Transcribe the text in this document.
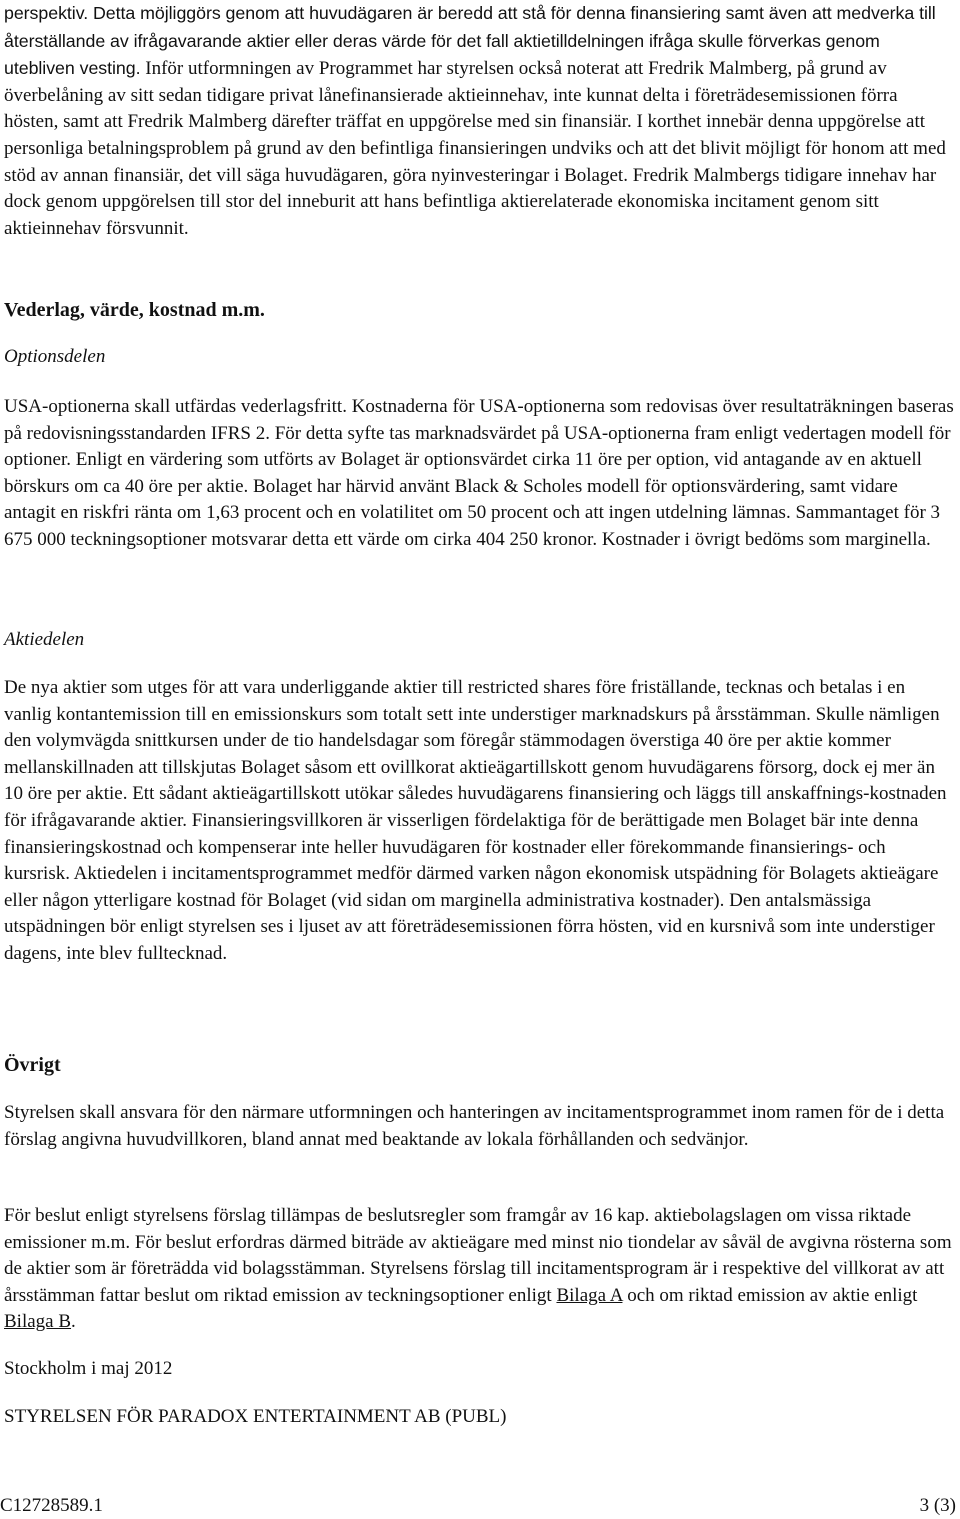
perspektiv. Detta möjliggörs genom att huvudägaren är beredd att stå för denna finansiering samt även att medverka till återställande av ifrågavarande aktier eller deras värde för det fall aktietilldelningen ifråga skulle förverkas genom utebliven vesting. Inför utformningen av Programmet har styrelsen också noterat att Fredrik Malmberg, på grund av överbelåning av sitt sedan tidigare privat lånefinansierade aktieinnehav, inte kunnat delta i företrädesemissionen förra hösten, samt att Fredrik Malmberg därefter träffat en uppgörelse med sin finansiär. I korthet innebär denna uppgörelse att personliga betalningsproblem på grund av den befintliga finansieringen undviks och att det blivit möjligt för honom att med stöd av annan finansiär, det vill säga huvudägaren, göra nyinvesteringar i Bolaget. Fredrik Malmbergs tidigare innehav har dock genom uppgörelsen till stor del inneburit att hans befintliga aktierelaterade ekonomiska incitament genom sitt aktieinnehav försvunnit.

Vederlag, värde, kostnad m.m.

Optionsdelen

USA-optionerna skall utfärdas vederlagsfritt. Kostnaderna för USA-optionerna som redovisas över resultaträkningen baseras på redovisningsstandarden IFRS 2. För detta syfte tas marknadsvärdet på USA-optionerna fram enligt vedertagen modell för optioner. Enligt en värdering som utförts av Bolaget är optionsvärdet cirka 11 öre per option, vid antagande av en aktuell börskurs om ca 40 öre per aktie. Bolaget har härvid använt Black & Scholes modell för optionsvärdering, samt vidare antagit en riskfri ränta om 1,63 procent och en volatilitet om 50 procent och att ingen utdelning lämnas. Sammantaget för 3 675 000 teckningsoptioner motsvarar detta ett värde om cirka 404 250 kronor. Kostnader i övrigt bedöms som marginella.

Aktiedelen

De nya aktier som utges för att vara underliggande aktier till restricted shares före friställande, tecknas och betalas i en vanlig kontantemission till en emissionskurs som totalt sett inte understiger marknadskurs på årsstämman. Skulle nämligen den volymvägda snittkursen under de tio handelsdagar som föregår stämmodagen överstiga 40 öre per aktie kommer mellanskillnaden att tillskjutas Bolaget såsom ett ovillkorat aktieägartillskott genom huvudägarens försorg, dock ej mer än 10 öre per aktie. Ett sådant aktieägartillskott utökar således huvudägarens finansiering och läggs till anskaffnings-kostnaden för ifrågavarande aktier. Finansieringsvillkoren är visserligen fördelaktiga för de berättigade men Bolaget bär inte denna finansieringskostnad och kompenserar inte heller huvudägaren för kostnader eller förekommande finansierings- och kursrisk. Aktiedelen i incitamentsprogrammet medför därmed varken någon ekonomisk utspädning för Bolagets aktieägare eller någon ytterligare kostnad för Bolaget (vid sidan om marginella administrativa kostnader). Den antalsmässiga utspädningen bör enligt styrelsen ses i ljuset av att företrädesemissionen förra hösten, vid en kursnivå som inte understiger dagens, inte blev fulltecknad.

Övrigt

Styrelsen skall ansvara för den närmare utformningen och hanteringen av incitamentsprogrammet inom ramen för de i detta förslag angivna huvudvillkoren, bland annat med beaktande av lokala förhållanden och sedvänjor.

För beslut enligt styrelsens förslag tillämpas de beslutsregler som framgår av 16 kap. aktiebolagslagen om vissa riktade emissioner m.m. För beslut erfordras därmed biträde av aktieägare med minst nio tiondelar av såväl de avgivna rösterna som de aktier som är företrädda vid bolagsstämman. Styrelsens förslag till incitamentsprogram är i respektive del villkorat av att årsstämman fattar beslut om riktad emission av teckningsoptioner enligt Bilaga A och om riktad emission av aktie enligt Bilaga B.

Stockholm i maj 2012

STYRELSEN FÖR PARADOX ENTERTAINMENT AB (PUBL)

C12728589.1	3 (3)
